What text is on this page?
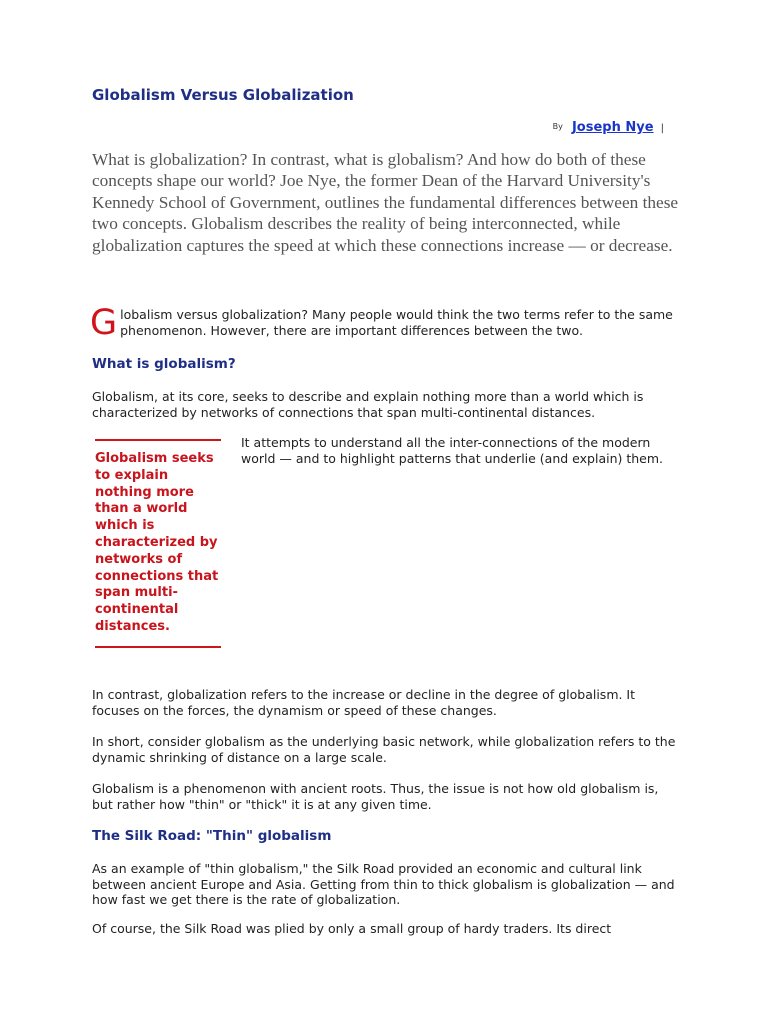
Globalism Versus Globalization
By Joseph Nye |

What is globalization? In contrast, what is globalism? And how do both of these concepts shape our world? Joe Nye, the former Dean of the Harvard University's Kennedy School of Government, outlines the fundamental differences between these two concepts. Globalism describes the reality of being interconnected, while globalization captures the speed at which these connections increase — or decrease.

Globalism versus globalization? Many people would think the two terms refer to the same phenomenon. However, there are important differences between the two.

What is globalism?

Globalism, at its core, seeks to describe and explain nothing more than a world which is characterized by networks of connections that span multi-continental distances.

Globalism seeks to explain nothing more than a world which is characterized by networks of connections that span multi-continental distances.

It attempts to understand all the inter-connections of the modern world — and to highlight patterns that underlie (and explain) them.

In contrast, globalization refers to the increase or decline in the degree of globalism. It focuses on the forces, the dynamism or speed of these changes.

In short, consider globalism as the underlying basic network, while globalization refers to the dynamic shrinking of distance on a large scale.

Globalism is a phenomenon with ancient roots. Thus, the issue is not how old globalism is, but rather how "thin" or "thick" it is at any given time.

The Silk Road: "Thin" globalism

As an example of "thin globalism," the Silk Road provided an economic and cultural link between ancient Europe and Asia. Getting from thin to thick globalism is globalization — and how fast we get there is the rate of globalization.

Of course, the Silk Road was plied by only a small group of hardy traders. Its direct
